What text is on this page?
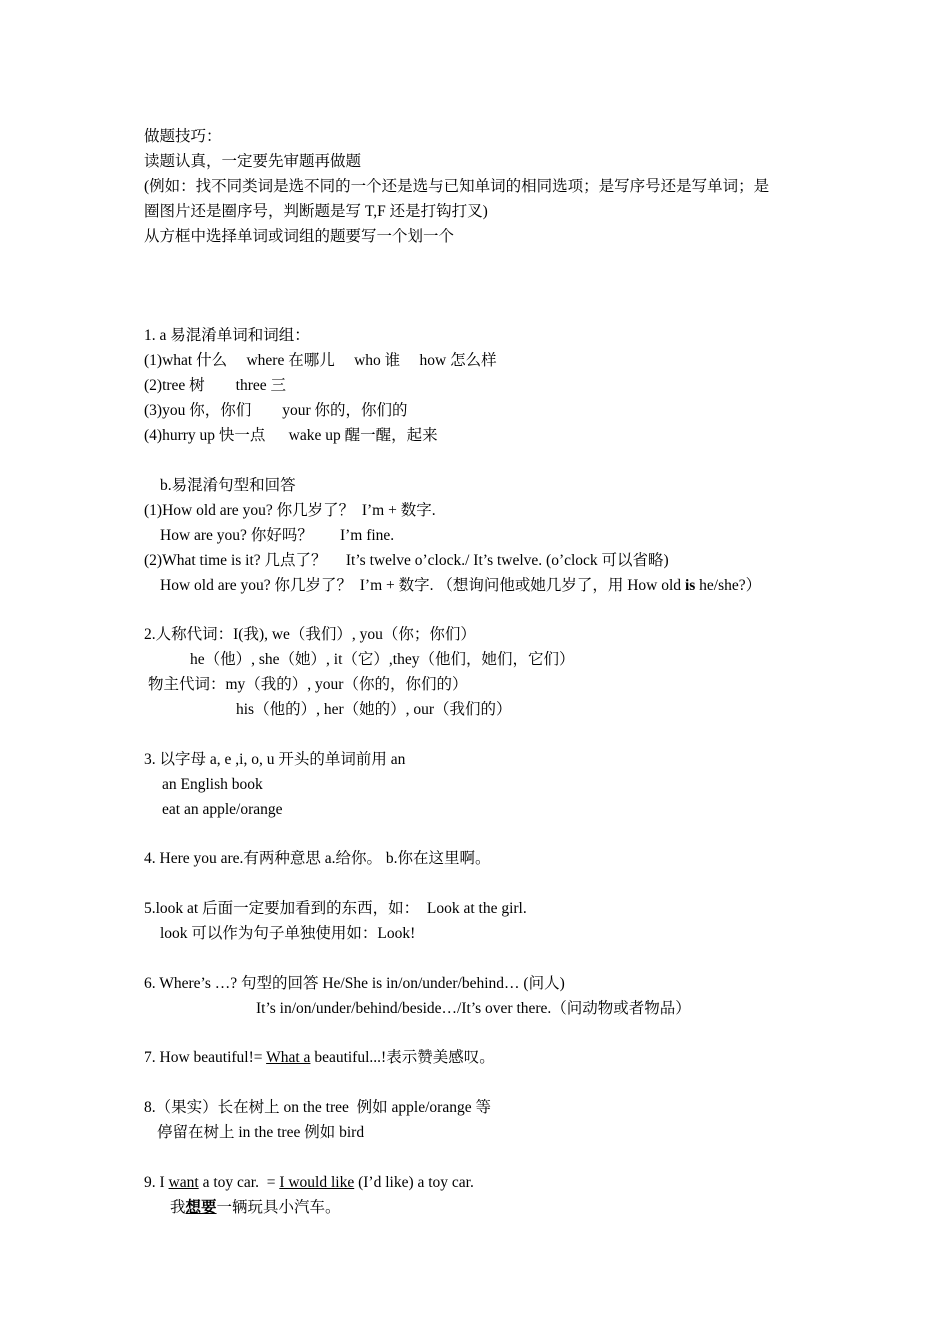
做题技巧：
读题认真，一定要先审题再做题
(例如：找不同类词是选不同的一个还是选与已知单词的相同选项；是写序号还是写单词；是
圈图片还是圈序号，判断题是写 T,F 还是打钩打叉)
从方框中选择单词或词组的题要写一个划一个
1. a 易混淆单词和词组：
(1)what 什么     where 在哪儿     who 谁     how 怎么样
(2)tree 树        three 三
(3)you 你，你们        your 你的，你们的
(4)hurry up 快一点      wake up 醒一醒，起来
b.易混淆句型和回答
(1)How old are you? 你几岁了？  I’m + 数字.
How are you? 你好吗？       I’m fine.
(2)What time is it? 几点了？     It’s twelve o’clock./ It’s twelve. (o’clock 可以省略)
How old are you? 你几岁了？  I’m + 数字. （想询问他或她几岁了，用 How old is he/she?）
2.人称代词：I(我), we（我们）, you（你；你们）
he（他）, she（她）, it（它）,they（他们，她们，它们）
物主代词：my（我的）, your（你的，你们的）
his（他的）, her（她的）, our（我们的）
3. 以字母 a, e ,i, o, u 开头的单词前用 an
an English book
eat an apple/orange
4. Here you are.有两种意思 a.给你。 b.你在这里啊。
5.look at 后面一定要加看到的东西，如：  Look at the girl.
look 可以作为句子单独使用如：Look!
6. Where’s …? 句型的回答 He/She is in/on/under/behind… (问人)
It’s in/on/under/behind/beside…/It’s over there.（问动物或者物品）
7. How beautiful!= What a beautiful...!表示赞美感叹。
8.（果实）长在树上 on the tree  例如 apple/orange 等
停留在树上 in the tree 例如 bird
9. I want a toy car.  = I would like (I’d like) a toy car.
我想要一辆玩具小汽车。
